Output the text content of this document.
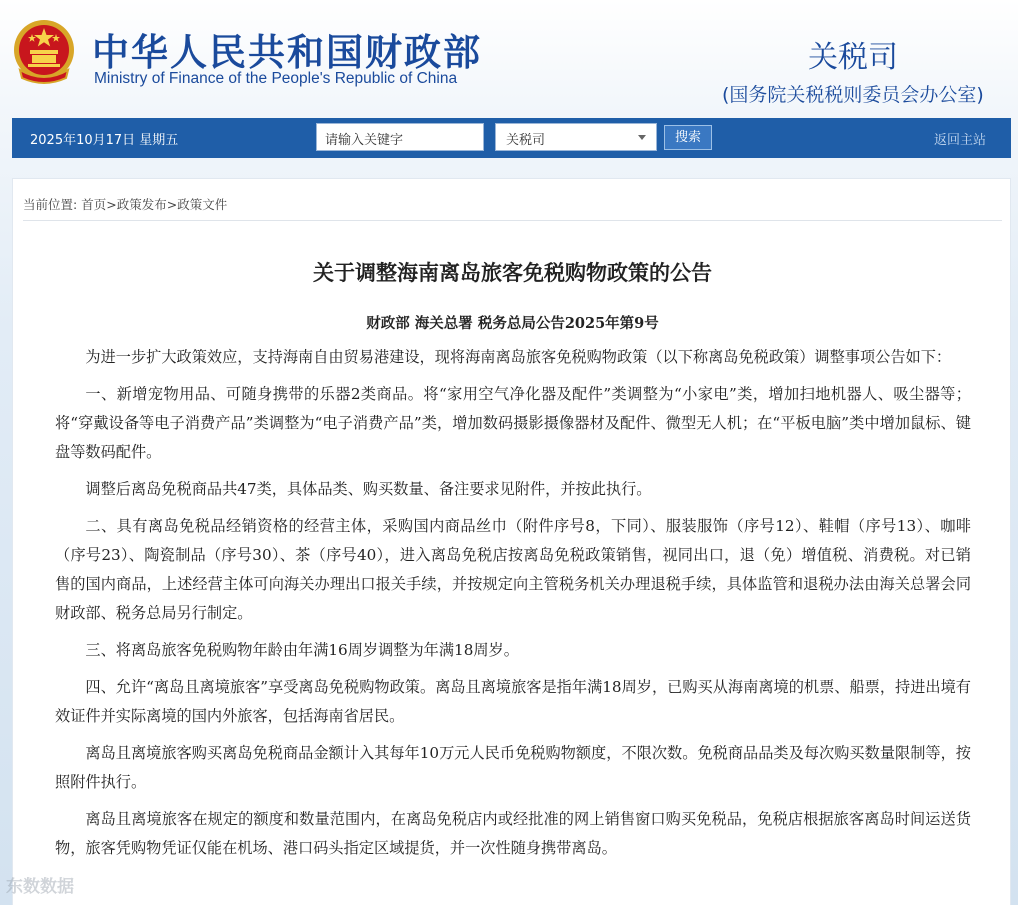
中华人民共和国财政部
Ministry of Finance of the People's Republic of China
关税司
(国务院关税税则委员会办公室)
2025年10月17日 星期五	请输入关键字	关税司	搜索	返回主站
当前位置: 首页>政策发布>政策文件
关于调整海南离岛旅客免税购物政策的公告
财政部 海关总署 税务总局公告2025年第9号

为进一步扩大政策效应，支持海南自由贸易港建设，现将海南离岛旅客免税购物政策（以下称离岛免税政策）调整事项公告如下：

一、新增宠物用品、可随身携带的乐器2类商品。将“家用空气净化器及配件”类调整为“小家电”类，增加扫地机器人、吸尘器等；将“穿戴设备等电子消费产品”类调整为“电子消费产品”类，增加数码摄影摄像器材及配件、微型无人机；在“平板电脑”类中增加鼠标、键盘等数码配件。

调整后离岛免税商品共47类，具体品类、购买数量、备注要求见附件，并按此执行。

二、具有离岛免税品经销资格的经营主体，采购国内商品丝巾（附件序号8，下同）、服装服饰（序号12）、鞋帽（序号13）、咖啡（序号23）、陶瓷制品（序号30）、茶（序号40），进入离岛免税店按离岛免税政策销售，视同出口，退（免）增值税、消费税。对已销售的国内商品，上述经营主体可向海关办理出口报关手续，并按规定向主管税务机关办理退税手续，具体监管和退税办法由海关总署会同财政部、税务总局另行制定。

三、将离岛旅客免税购物年龄由年满16周岁调整为年满18周岁。

四、允许“离岛且离境旅客”享受离岛免税购物政策。离岛且离境旅客是指年满18周岁，已购买从海南离境的机票、船票，持进出境有效证件并实际离境的国内外旅客，包括海南省居民。

离岛且离境旅客购买离岛免税商品金额计入其每年10万元人民币免税购物额度，不限次数。免税商品品类及每次购买数量限制等，按照附件执行。

离岛且离境旅客在规定的额度和数量范围内，在离岛免税店内或经批准的网上销售窗口购买免税品，免税店根据旅客离岛时间运送货物，旅客凭购物凭证仅能在机场、港口码头指定区域提货，并一次性随身携带离岛。

东数数据
